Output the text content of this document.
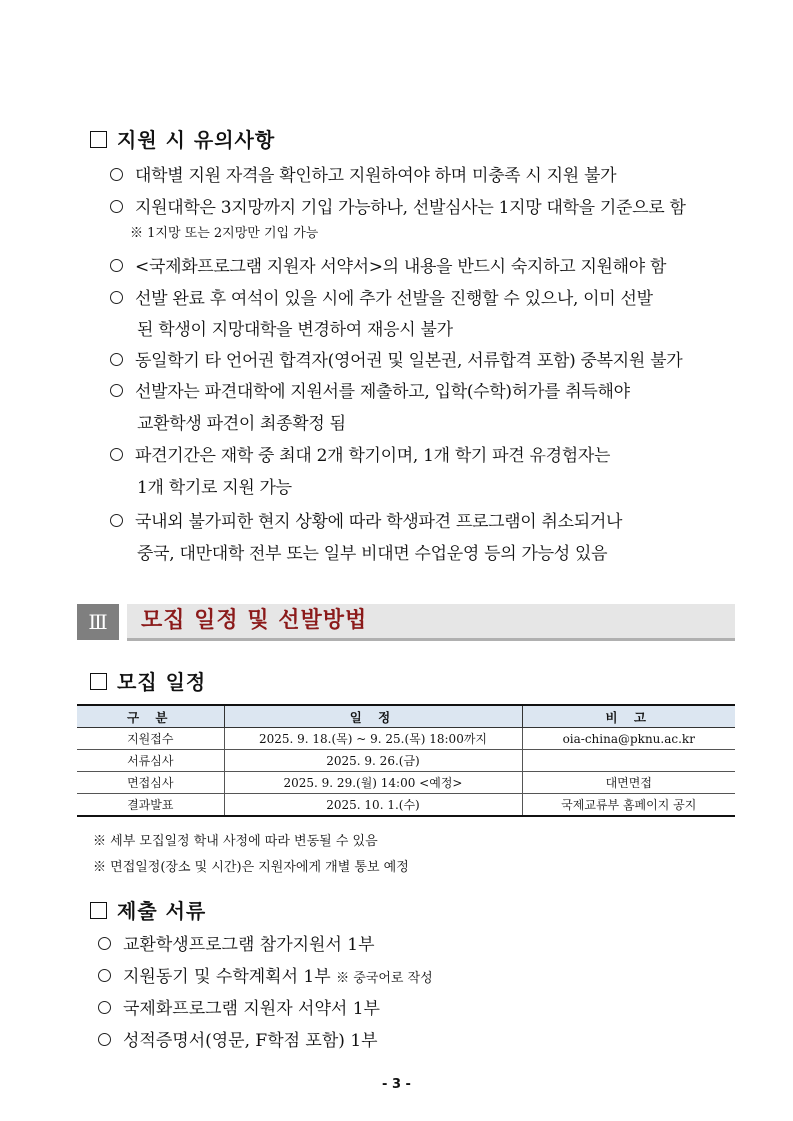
지원 시 유의사항
대학별 지원 자격을 확인하고 지원하여야 하며 미충족 시 지원 불가
지원대학은 3지망까지 기입 가능하나, 선발심사는 1지망 대학을 기준으로 함
※ 1지망 또는 2지망만 기입 가능
<국제화프로그램 지원자 서약서>의 내용을 반드시 숙지하고 지원해야 함
선발 완료 후 여석이 있을 시에 추가 선발을 진행할 수 있으나, 이미 선발
된 학생이 지망대학을 변경하여 재응시 불가
동일학기 타 언어권 합격자(영어권 및 일본권, 서류합격 포함) 중복지원 불가
선발자는 파견대학에 지원서를 제출하고, 입학(수학)허가를 취득해야
교환학생 파견이 최종확정 됨
파견기간은 재학 중 최대 2개 학기이며, 1개 학기 파견 유경험자는
1개 학기로 지원 가능
국내외 불가피한 현지 상황에 따라 학생파견 프로그램이 취소되거나
중국, 대만대학 전부 또는 일부 비대면 수업운영 등의 가능성 있음
Ⅲ	모집 일정 및 선발방법
모집 일정
구 분	일 정	비 고
지원접수	2025. 9. 18.(목) ~ 9. 25.(목) 18:00까지	oia-china@pknu.ac.kr
서류심사	2025. 9. 26.(금)	
면접심사	2025. 9. 29.(월) 14:00 <예정>	대면면접
결과발표	2025. 10. 1.(수)	국제교류부 홈페이지 공지
※ 세부 모집일정 학내 사정에 따라 변동될 수 있음
※ 면접일정(장소 및 시간)은 지원자에게 개별 통보 예정
제출 서류
교환학생프로그램 참가지원서 1부
지원동기 및 수학계획서 1부 ※ 중국어로 작성
국제화프로그램 지원자 서약서 1부
성적증명서(영문, F학점 포함) 1부
- 3 -
